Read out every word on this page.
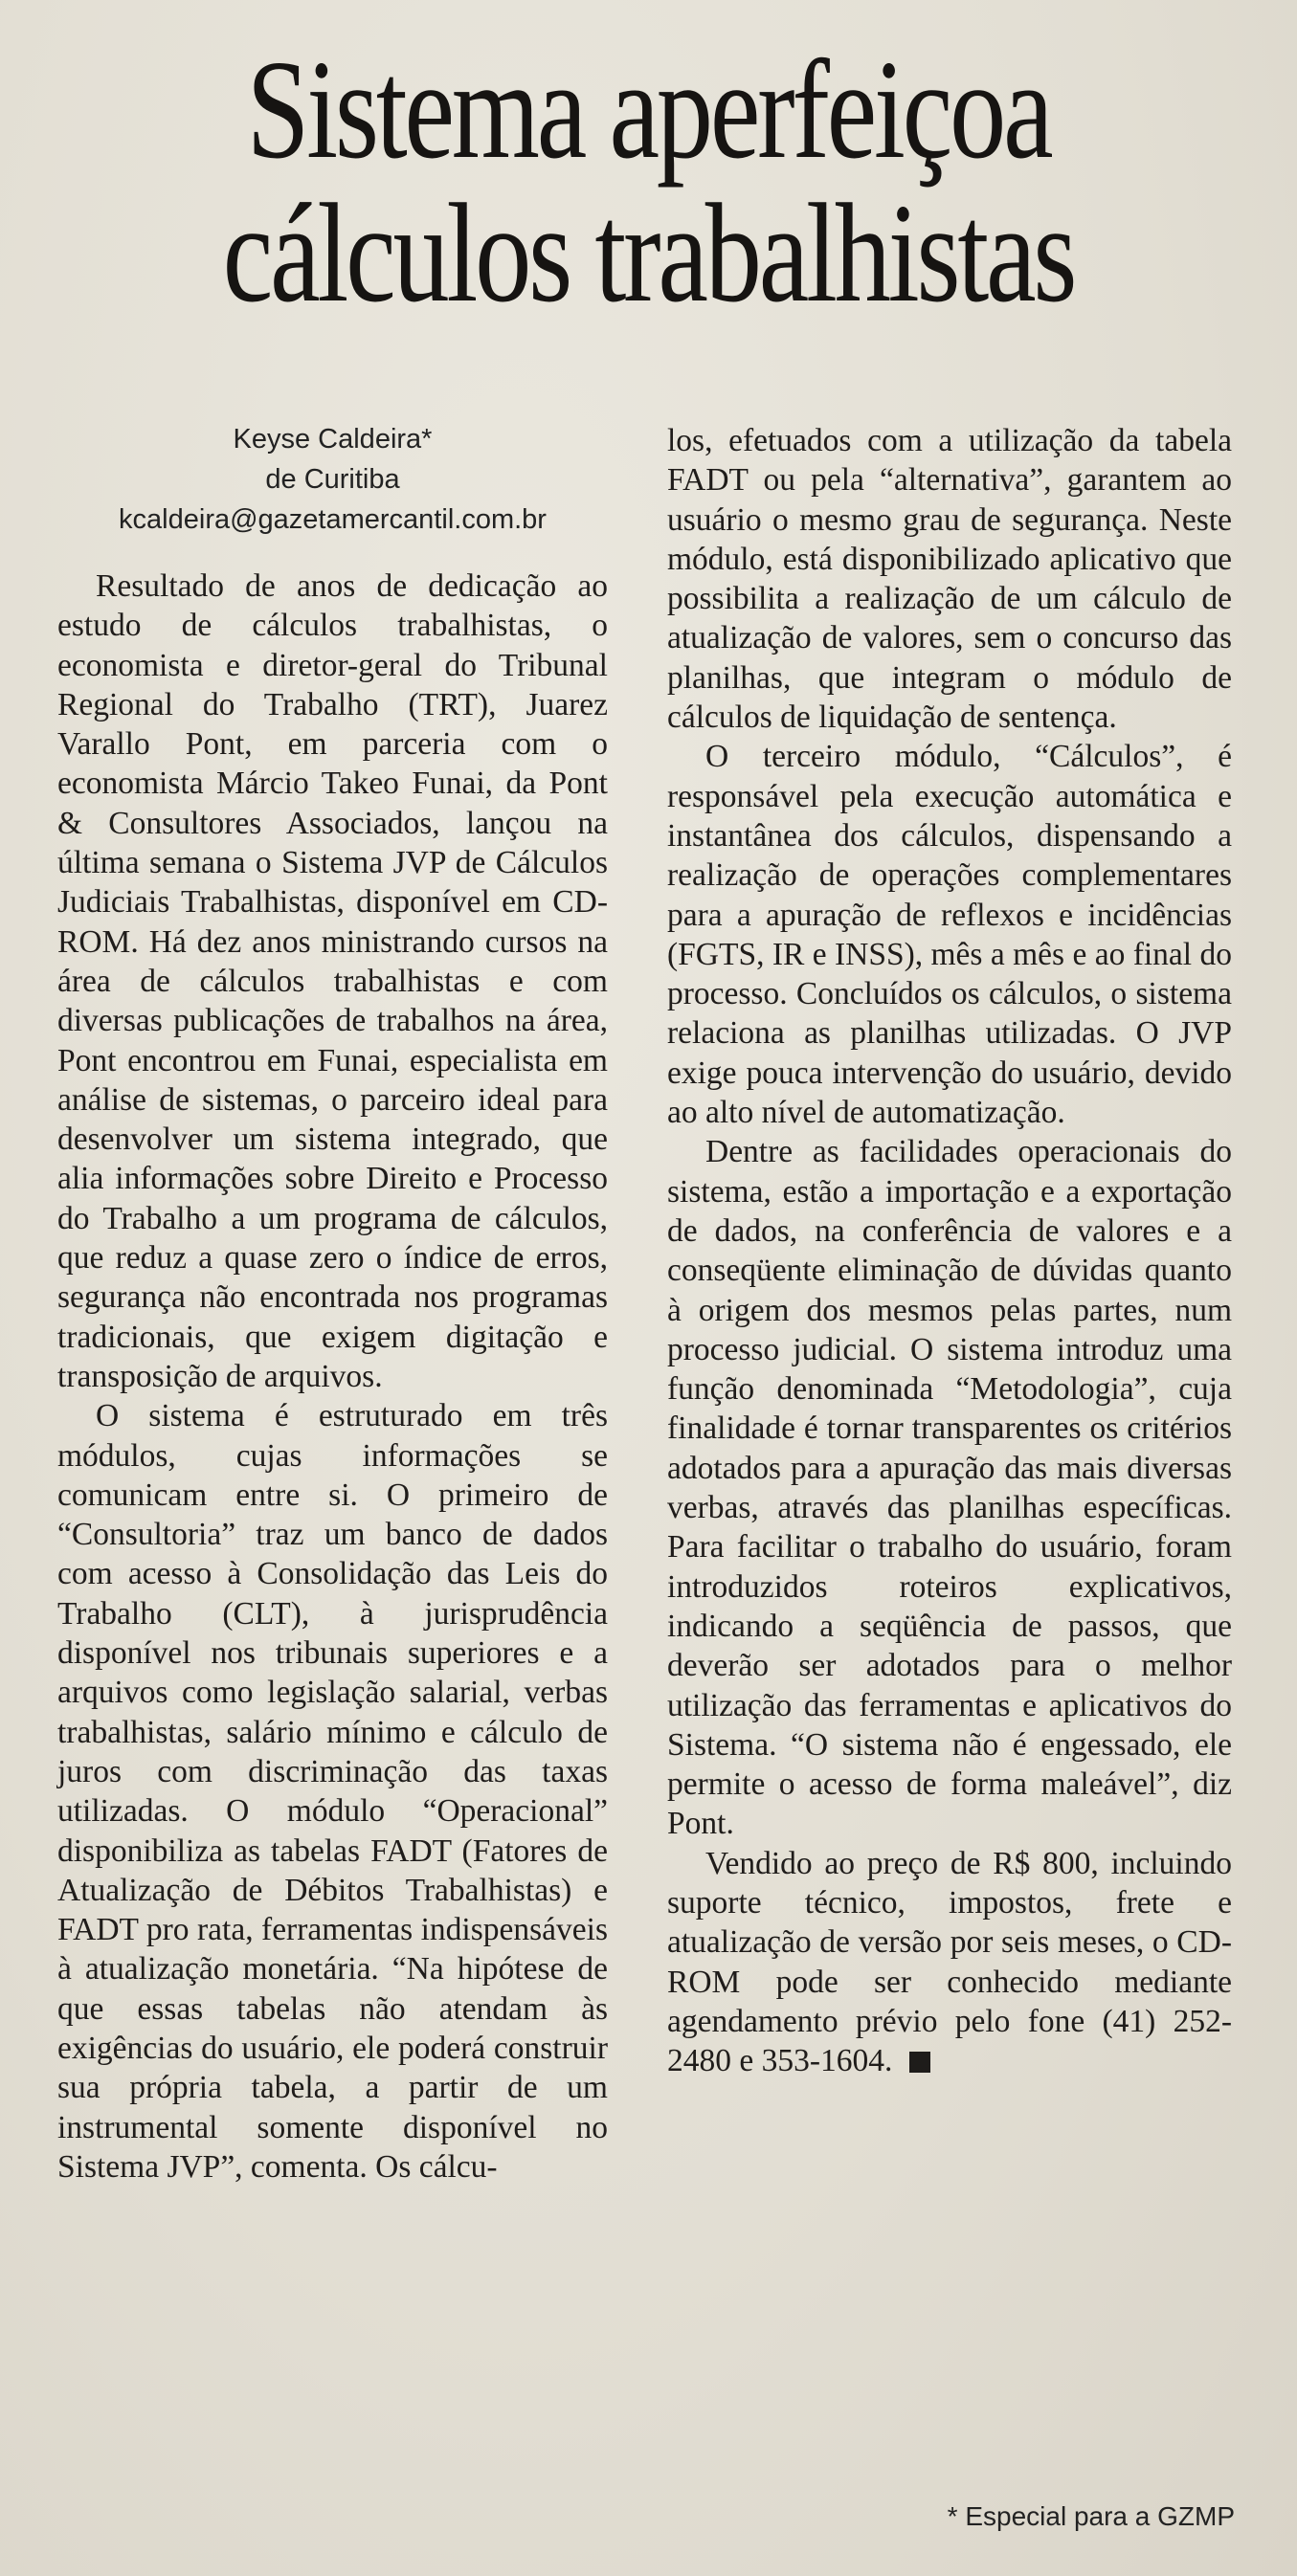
Sistema aperfeiçoa
cálculos trabalhistas
Keyse Caldeira*
de Curitiba
kcaldeira@gazetamercantil.com.br

Resultado de anos de dedicação ao estudo de cálculos trabalhistas, o economista e diretor-geral do Tribunal Regional do Trabalho (TRT), Juarez Varallo Pont, em parceria com o economista Márcio Takeo Funai, da Pont & Consultores Associados, lançou na última semana o Sistema JVP de Cálculos Judiciais Trabalhistas, disponível em CD-ROM. Há dez anos ministrando cursos na área de cálculos trabalhistas e com diversas publicações de trabalhos na área, Pont encontrou em Funai, especialista em análise de sistemas, o parceiro ideal para desenvolver um sistema integrado, que alia informações sobre Direito e Processo do Trabalho a um programa de cálculos, que reduz a quase zero o índice de erros, segurança não encontrada nos programas tradicionais, que exigem digitação e transposição de arquivos.

O sistema é estruturado em três módulos, cujas informações se comunicam entre si. O primeiro de “Consultoria” traz um banco de dados com acesso à Consolidação das Leis do Trabalho (CLT), à jurisprudência disponível nos tribunais superiores e a arquivos como legislação salarial, verbas trabalhistas, salário mínimo e cálculo de juros com discriminação das taxas utilizadas. O módulo “Operacional” disponibiliza as tabelas FADT (Fatores de Atualização de Débitos Trabalhistas) e FADT pro rata, ferramentas indispensáveis à atualização monetária. “Na hipótese de que essas tabelas não atendam às exigências do usuário, ele poderá construir sua própria tabela, a partir de um instrumental somente disponível no Sistema JVP”, comenta. Os cálcu-

los, efetuados com a utilização da tabela FADT ou pela “alternativa”, garantem ao usuário o mesmo grau de segurança. Neste módulo, está disponibilizado aplicativo que possibilita a realização de um cálculo de atualização de valores, sem o concurso das planilhas, que integram o módulo de cálculos de liquidação de sentença.

O terceiro módulo, “Cálculos”, é responsável pela execução automática e instantânea dos cálculos, dispensando a realização de operações complementares para a apuração de reflexos e incidências (FGTS, IR e INSS), mês a mês e ao final do processo. Concluídos os cálculos, o sistema relaciona as planilhas utilizadas. O JVP exige pouca intervenção do usuário, devido ao alto nível de automatização.

Dentre as facilidades operacionais do sistema, estão a importação e a exportação de dados, na conferência de valores e a conseqüente eliminação de dúvidas quanto à origem dos mesmos pelas partes, num processo judicial. O sistema introduz uma função denominada “Metodologia”, cuja finalidade é tornar transparentes os critérios adotados para a apuração das mais diversas verbas, através das planilhas específicas. Para facilitar o trabalho do usuário, foram introduzidos roteiros explicativos, indicando a seqüência de passos, que deverão ser adotados para o melhor utilização das ferramentas e aplicativos do Sistema. “O sistema não é engessado, ele permite o acesso de forma maleável”, diz Pont.

Vendido ao preço de R$ 800, incluindo suporte técnico, impostos, frete e atualização de versão por seis meses, o CD-ROM pode ser conhecido mediante agendamento prévio pelo fone (41) 252-2480 e 353-1604.

* Especial para a GZMP
